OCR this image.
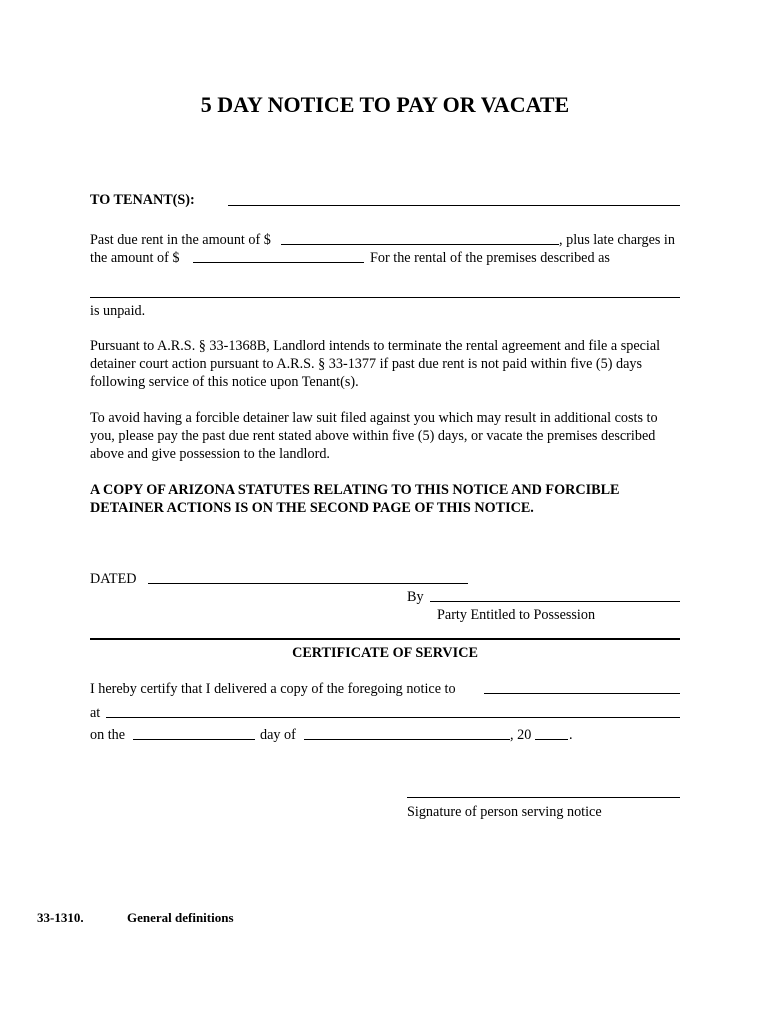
5 DAY NOTICE TO PAY OR VACATE
TO TENANT(S):
Past due rent in the amount of $	, plus late charges in
the amount of $	For the rental of the premises described as
is unpaid.
Pursuant to A.R.S. § 33-1368B, Landlord intends to terminate the rental agreement and file a special detainer court action pursuant to A.R.S. § 33-1377 if past due rent is not paid within five (5) days following service of this notice upon Tenant(s).
To avoid having a forcible detainer law suit filed against you which may result in additional costs to you, please pay the past due rent stated above within five (5) days, or vacate the premises described above and give possession to the landlord.
A COPY OF ARIZONA STATUTES RELATING TO THIS NOTICE AND FORCIBLE DETAINER ACTIONS IS ON THE SECOND PAGE OF THIS NOTICE.
DATED
By
Party Entitled to Possession
CERTIFICATE OF SERVICE
I hereby certify that I delivered a copy of the foregoing notice to
at
on the	day of	, 20	.
Signature of person serving notice
33-1310.	General definitions
